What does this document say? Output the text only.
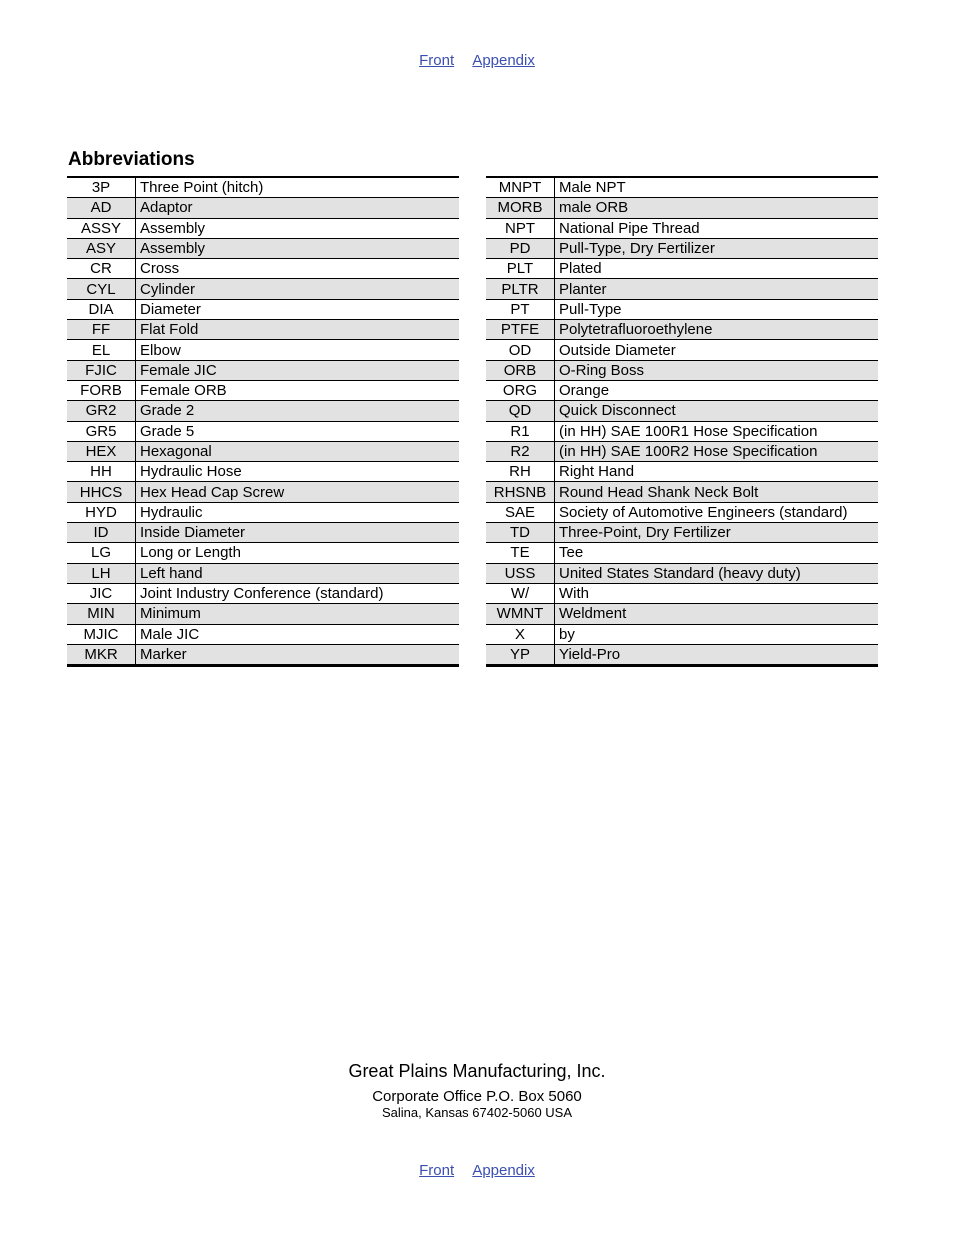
Front Appendix
Abbreviations
3P	Three Point (hitch)
AD	Adaptor
ASSY	Assembly
ASY	Assembly
CR	Cross
CYL	Cylinder
DIA	Diameter
FF	Flat Fold
EL	Elbow
FJIC	Female JIC
FORB	Female ORB
GR2	Grade 2
GR5	Grade 5
HEX	Hexagonal
HH	Hydraulic Hose
HHCS	Hex Head Cap Screw
HYD	Hydraulic
ID	Inside Diameter
LG	Long or Length
LH	Left hand
JIC	Joint Industry Conference (standard)
MIN	Minimum
MJIC	Male JIC
MKR	Marker
MNPT	Male NPT
MORB	male ORB
NPT	National Pipe Thread
PD	Pull-Type, Dry Fertilizer
PLT	Plated
PLTR	Planter
PT	Pull-Type
PTFE	Polytetrafluoroethylene
OD	Outside Diameter
ORB	O-Ring Boss
ORG	Orange
QD	Quick Disconnect
R1	(in HH) SAE 100R1 Hose Specification
R2	(in HH) SAE 100R2 Hose Specification
RH	Right Hand
RHSNB	Round Head Shank Neck Bolt
SAE	Society of Automotive Engineers (standard)
TD	Three-Point, Dry Fertilizer
TE	Tee
USS	United States Standard (heavy duty)
W/	With
WMNT	Weldment
X	by
YP	Yield-Pro
Great Plains Manufacturing, Inc.
Corporate Office P.O. Box 5060
Salina, Kansas 67402-5060 USA
Front Appendix
